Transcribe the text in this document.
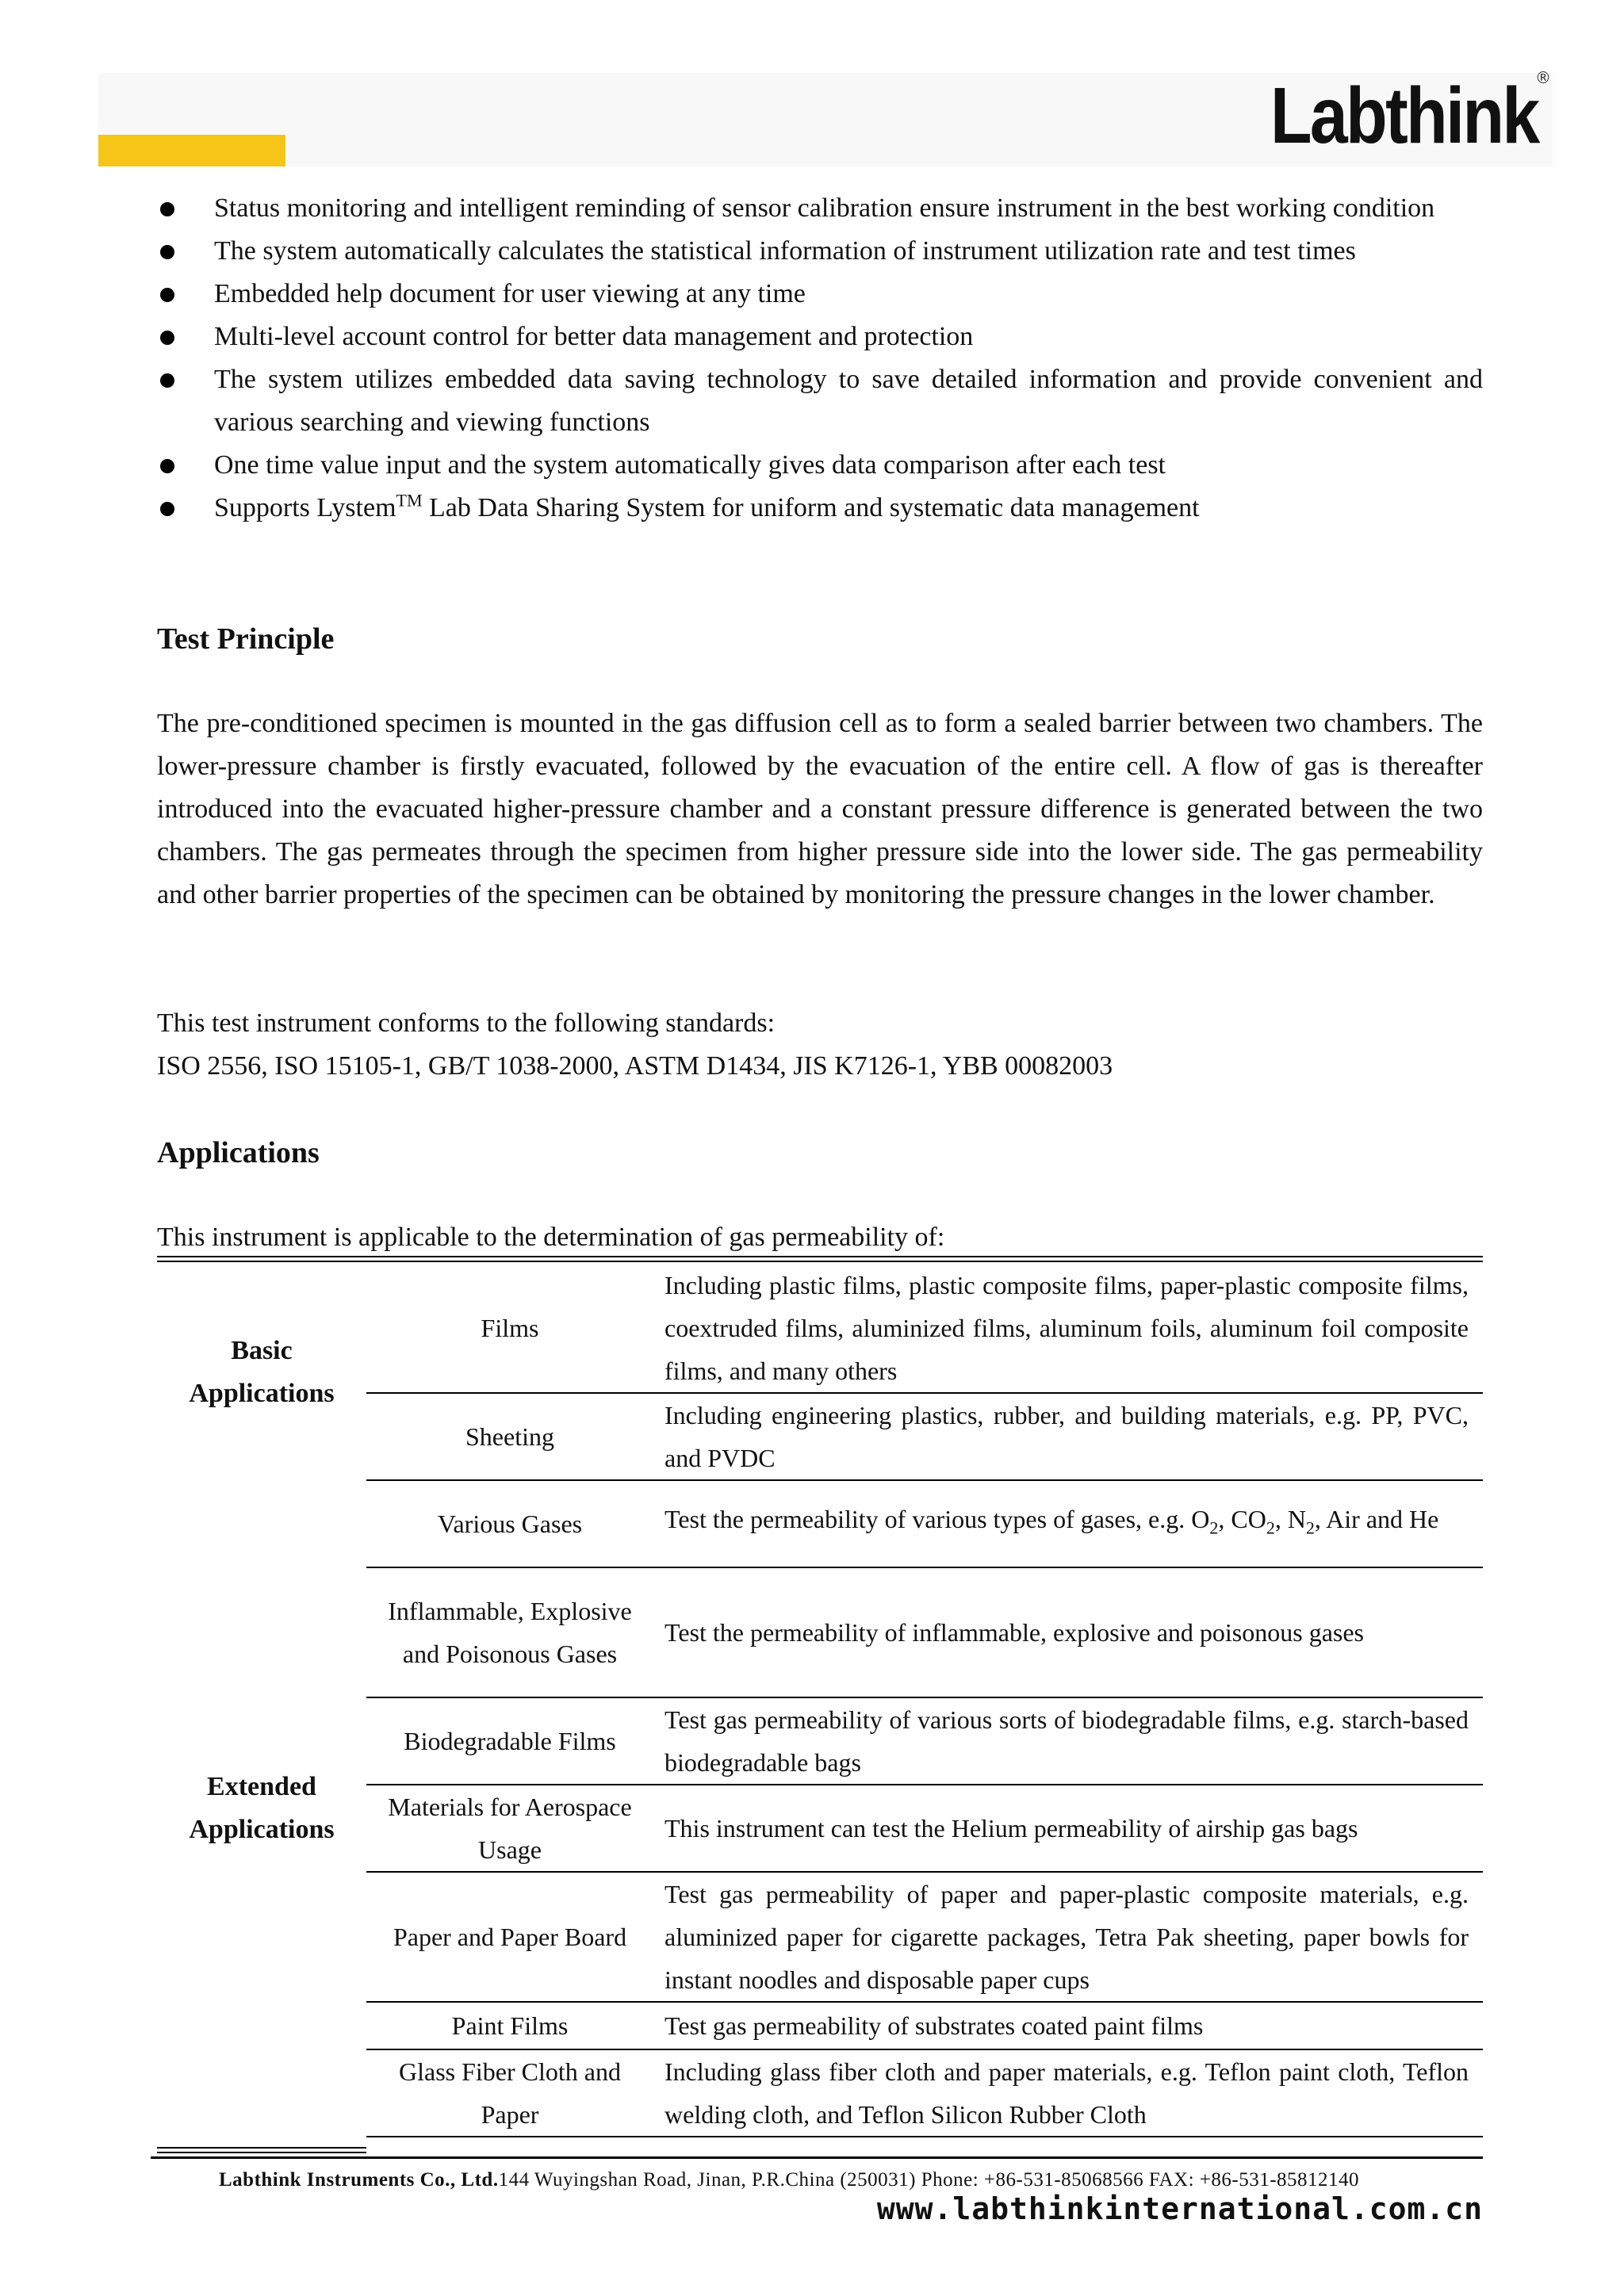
Labthink
®
Status monitoring and intelligent reminding of sensor calibration ensure instrument in the best working condition
The system automatically calculates the statistical information of instrument utilization rate and test times
Embedded help document for user viewing at any time
Multi-level account control for better data management and protection
The system utilizes embedded data saving technology to save detailed information and provide convenient and various searching and viewing functions
One time value input and the system automatically gives data comparison after each test
Supports Lystem™ Lab Data Sharing System for uniform and systematic data management
Test Principle

The pre-conditioned specimen is mounted in the gas diffusion cell as to form a sealed barrier between two chambers. The lower-pressure chamber is firstly evacuated, followed by the evacuation of the entire cell. A flow of gas is thereafter introduced into the evacuated higher-pressure chamber and a constant pressure difference is generated between the two chambers. The gas permeates through the specimen from higher pressure side into the lower side. The gas permeability and other barrier properties of the specimen can be obtained by monitoring the pressure changes in the lower chamber.

This test instrument conforms to the following standards:

ISO 2556, ISO 15105-1, GB/T 1038-2000, ASTM D1434, JIS K7126-1, YBB 00082003

Applications

This instrument is applicable to the determination of gas permeability of:

Basic
Applications	Films	Including plastic films, plastic composite films, paper-plastic composite films, coextruded films, aluminized films, aluminum foils, aluminum foil composite films, and many others
	Sheeting	Including engineering plastics, rubber, and building materials, e.g. PP, PVC, and PVDC
Extended
Applications	Various Gases	Test the permeability of various types of gases, e.g. $O_2$, $CO_2$, $N_2$, Air and He
	Inflammable, Explosive and Poisonous Gases	Test the permeability of inflammable, explosive and poisonous gases
	Biodegradable Films	Test gas permeability of various sorts of biodegradable films, e.g. starch-based biodegradable bags
	Materials for Aerospace Usage	This instrument can test the Helium permeability of airship gas bags
	Paper and Paper Board	Test gas permeability of paper and paper-plastic composite materials, e.g. aluminized paper for cigarette packages, Tetra Pak sheeting, paper bowls for instant noodles and disposable paper cups
	Paint Films	Test gas permeability of substrates coated paint films
	Glass Fiber Cloth and Paper	Including glass fiber cloth and paper materials, e.g. Teflon paint cloth, Teflon welding cloth, and Teflon Silicon Rubber Cloth
Labthink Instruments Co., Ltd.144 Wuyingshan Road, Jinan, P.R.China (250031) Phone: +86-531-85068566 FAX: +86-531-85812140
www.labthinkinternational.com.cn
